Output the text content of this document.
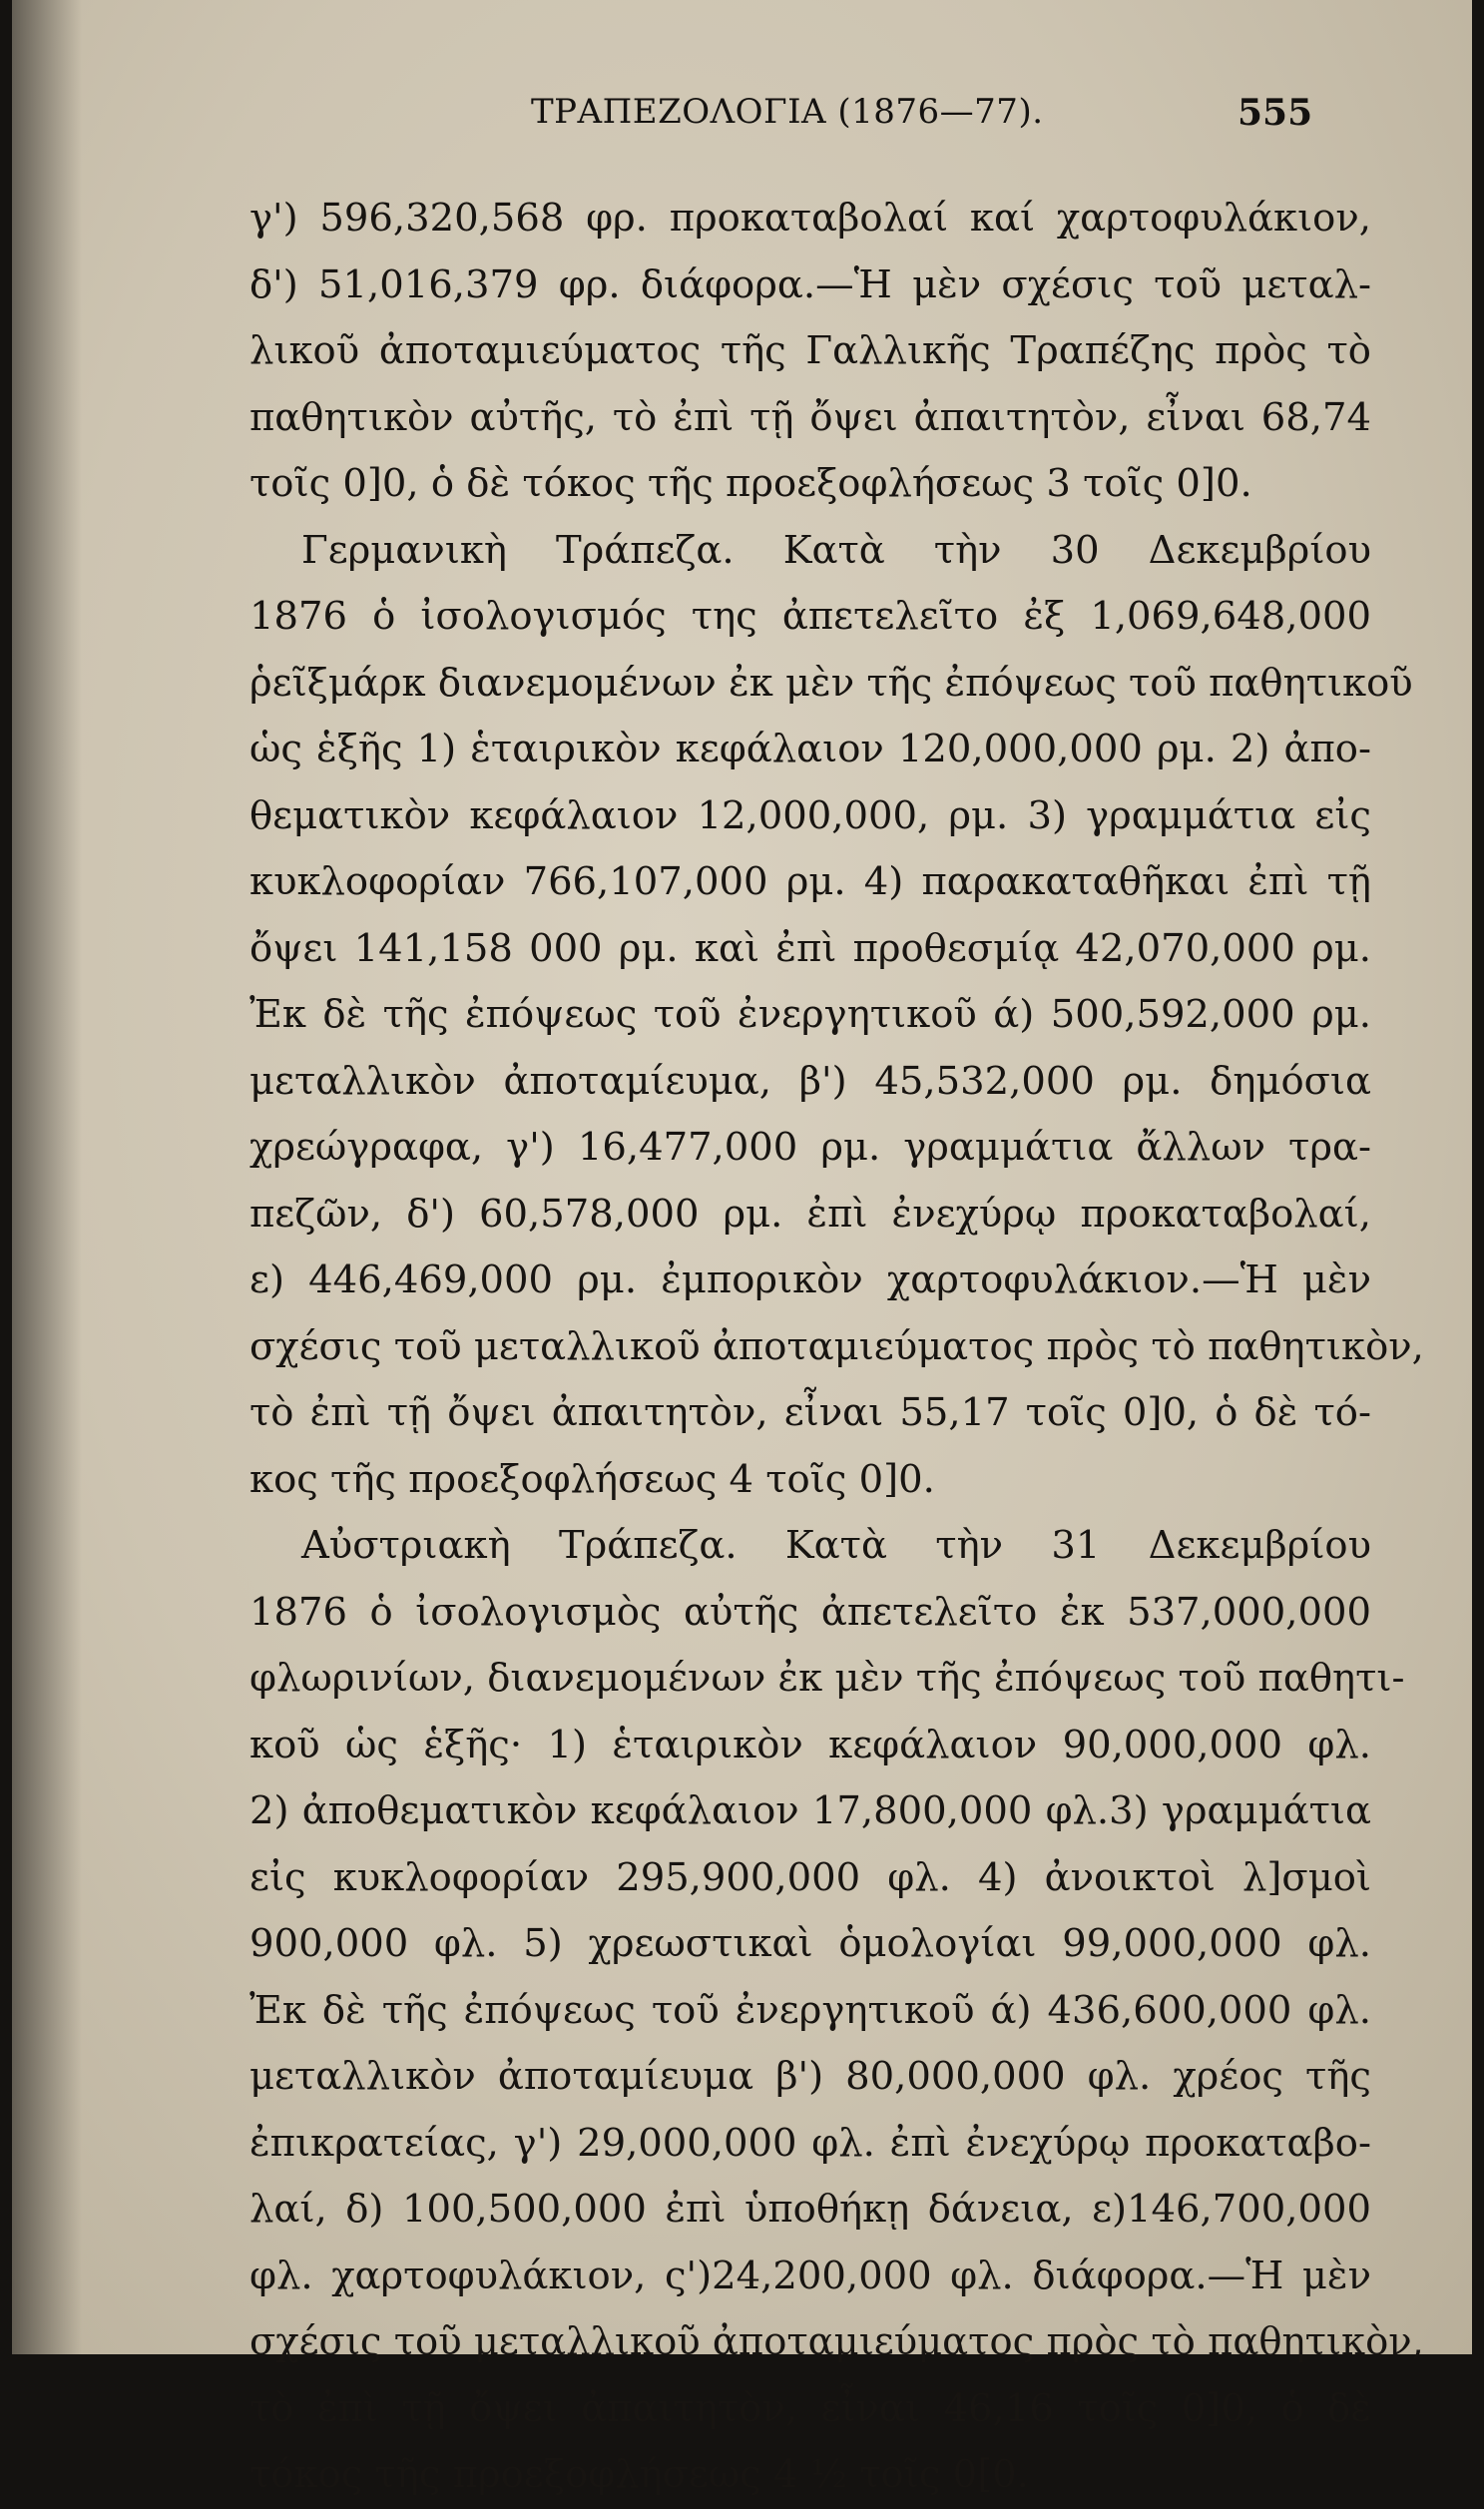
ΤΡΑΠΕΖΟΛΟΓΙΑ (1876—77).	555
γ') 596,320,568 φρ. προκαταβολαί καί χαρτοφυλάκιον,
δ') 51,016,379 φρ. διάφορα.—Ἡ μὲν σχέσις τοῦ μεταλ-
λικοῦ ἀποταμιεύματος τῆς Γαλλικῆς Τραπέζης πρὸς τὸ
παθητικὸν αὐτῆς, τὸ ἐπὶ τῇ ὄψει ἀπαιτητὸν, εἶναι 68,74
τοῖς 0]0, ὁ δὲ τόκος τῆς προεξοφλήσεως 3 τοῖς 0]0.
Γερμανικὴ Τράπεζα. Κατὰ τὴν 30 Δεκεμβρίου
1876 ὁ ἰσολογισμός της ἀπετελεῖτο ἐξ 1,069,648,000
ῥεῖξμάρκ διανεμομένων ἐκ μὲν τῆς ἐπόψεως τοῦ παθητικοῦ
ὡς ἑξῆς 1) ἑταιρικὸν κεφάλαιον 120,000,000 ρμ. 2) ἀπο-
θεματικὸν κεφάλαιον 12,000,000, ρμ. 3) γραμμάτια εἰς
κυκλοφορίαν 766,107,000 ρμ. 4) παρακαταθῆκαι ἐπὶ τῇ
ὄψει 141,158 000 ρμ. καὶ ἐπὶ προθεσμίᾳ 42,070,000 ρμ.
Ἐκ δὲ τῆς ἐπόψεως τοῦ ἐνεργητικοῦ ά) 500,592,000 ρμ.
μεταλλικὸν ἀποταμίευμα, β') 45,532,000 ρμ. δημόσια
χρεώγραφα, γ') 16,477,000 ρμ. γραμμάτια ἄλλων τρα-
πεζῶν, δ') 60,578,000 ρμ. ἐπὶ ἐνεχύρῳ προκαταβολαί,
ε) 446,469,000 ρμ. ἐμπορικὸν χαρτοφυλάκιον.—Ἡ μὲν
σχέσις τοῦ μεταλλικοῦ ἀποταμιεύματος πρὸς τὸ παθητικὸν,
τὸ ἐπὶ τῇ ὄψει ἀπαιτητὸν, εἶναι 55,17 τοῖς 0]0, ὁ δὲ τό-
κος τῆς προεξοφλήσεως 4 τοῖς 0]0.
Αὐστριακὴ Τράπεζα. Κατὰ τὴν 31 Δεκεμβρίου
1876 ὁ ἰσολογισμὸς αὐτῆς ἀπετελεῖτο ἐκ 537,000,000
φλωρινίων, διανεμομένων ἐκ μὲν τῆς ἐπόψεως τοῦ παθητι-
κοῦ ὡς ἑξῆς· 1) ἑταιρικὸν κεφάλαιον 90,000,000 φλ.
2) ἀποθεματικὸν κεφάλαιον 17,800,000 φλ.3) γραμμάτια
εἰς κυκλοφορίαν 295,900,000 φλ. 4) ἀνοικτοὶ λ]σμοὶ
900,000 φλ. 5) χρεωστικαὶ ὁμολογίαι 99,000,000 φλ.
Ἐκ δὲ τῆς ἐπόψεως τοῦ ἐνεργητικοῦ ά) 436,600,000 φλ.
μεταλλικὸν ἀποταμίευμα β') 80,000,000 φλ. χρέος τῆς
ἐπικρατείας, γ') 29,000,000 φλ. ἐπὶ ἐνεχύρῳ προκαταβο-
λαί, δ) 100,500,000 ἐπὶ ὑποθήκῃ δάνεια, ε)146,700,000
φλ. χαρτοφυλάκιον, ς')24,200,000 φλ. διάφορα.—Ἡ μὲν
σχέσις τοῦ μεταλλικοῦ ἀποταμιεύματος πρὸς τὸ παθητικὸν,
τὸ ἐπὶ τῇ ὄψει ἀπαιτητὸν, εἶναι 46,16 τοῖς 0]0, ὁ δὲ
τόκος τῆς προεξοφλήσεως 4 ½ τοῖς 0[0.
